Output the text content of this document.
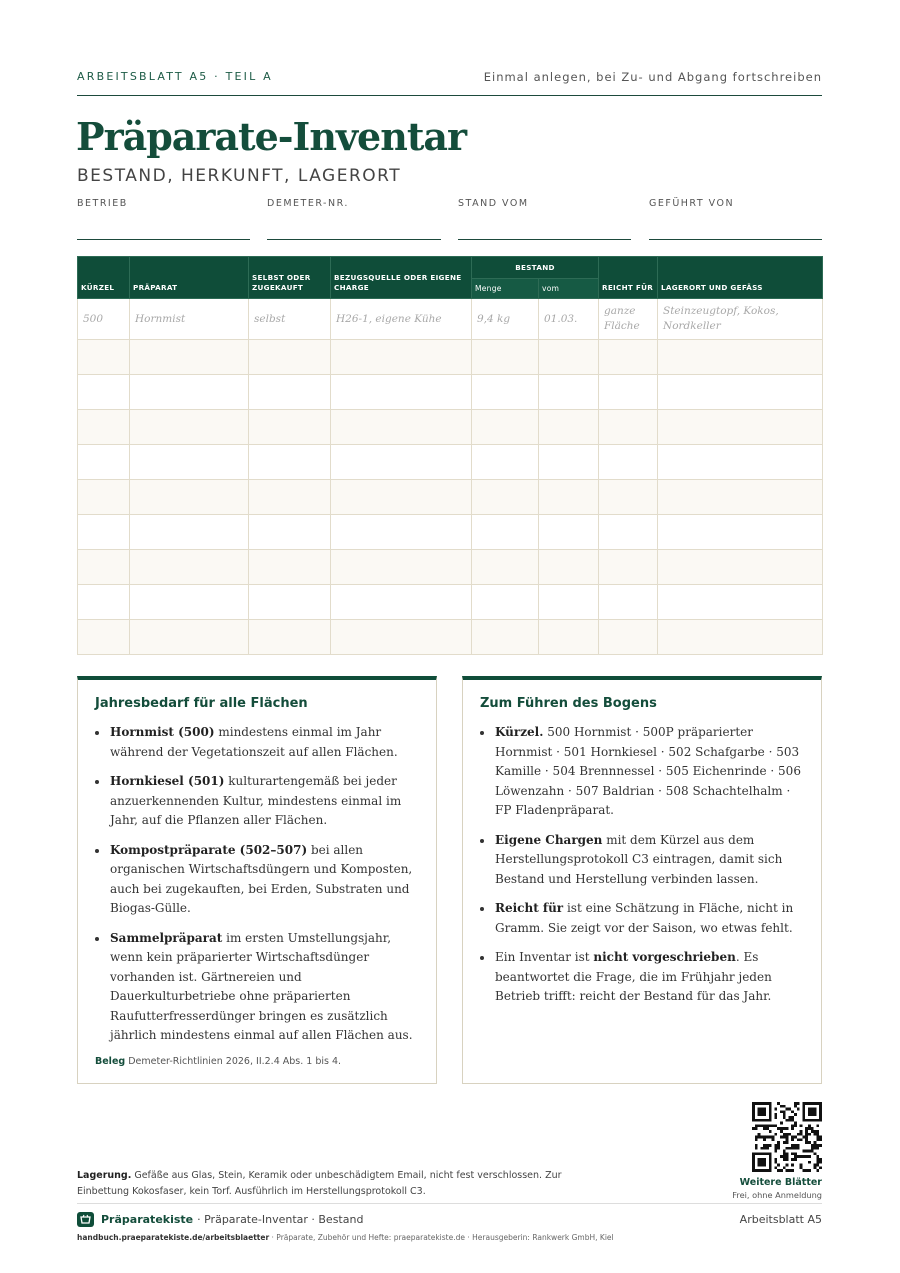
ARBEITSBLATT A5 · TEIL A	Einmal anlegen, bei Zu- und Abgang fortschreiben
Präparate-Inventar
BESTAND, HERKUNFT, LAGERORT
BETRIEB	DEMETER-NR.	STAND VOM	GEFÜHRT VON
KÜRZEL	PRÄPARAT	SELBST ODER ZUGEKAUFT	BEZUGSQUELLE ODER EIGENE CHARGE	BESTAND		REICHT FÜR	LAGERORT UND GEFÄSS
				Menge	vom		
500	Hornmist	selbst	H26-1, eigene Kühe	9,4 kg	01.03.	ganze Fläche	Steinzeugtopf, Kokos, Nordkeller

Jahresbedarf für alle Flächen
Hornmist (500) mindestens einmal im Jahr während der Vegetationszeit auf allen Flächen.
Hornkiesel (501) kulturartengemäß bei jeder anzuerkennenden Kultur, mindestens einmal im Jahr, auf die Pflanzen aller Flächen.
Kompostpräparate (502–507) bei allen organischen Wirtschaftsdüngern und Komposten, auch bei zugekauften, bei Erden, Substraten und Biogas-Gülle.
Sammelpräparat im ersten Umstellungsjahr, wenn kein präparierter Wirtschaftsdünger vorhanden ist. Gärtnereien und Dauerkulturbetriebe ohne präparierten Raufutterfresserdünger bringen es zusätzlich jährlich mindestens einmal auf allen Flächen aus.

Beleg Demeter-Richtlinien 2026, II.2.4 Abs. 1 bis 4.

Zum Führen des Bogens
Kürzel. 500 Hornmist · 500P präparierter Hornmist · 501 Hornkiesel · 502 Schafgarbe · 503 Kamille · 504 Brennnessel · 505 Eichenrinde · 506 Löwenzahn · 507 Baldrian · 508 Schachtelhalm · FP Fladenpräparat.
Eigene Chargen mit dem Kürzel aus dem Herstellungsprotokoll C3 eintragen, damit sich Bestand und Herstellung verbinden lassen.
Reicht für ist eine Schätzung in Fläche, nicht in Gramm. Sie zeigt vor der Saison, wo etwas fehlt.
Ein Inventar ist nicht vorgeschrieben. Es beantwortet die Frage, die im Frühjahr jeden Betrieb trifft: reicht der Bestand für das Jahr.
Weitere Blätter
Frei, ohne Anmeldung
Lagerung. Gefäße aus Glas, Stein, Keramik oder unbeschädigtem Email, nicht fest verschlossen. Zur Einbettung Kokosfaser, kein Torf. Ausführlich im Herstellungsprotokoll C3.
Präparatekiste · Präparate-Inventar · Bestand	Arbeitsblatt A5
handbuch.praeparatekiste.de/arbeitsblaetter · Präparate, Zubehör und Hefte: praeparatekiste.de · Herausgeberin: Rankwerk GmbH, Kiel
